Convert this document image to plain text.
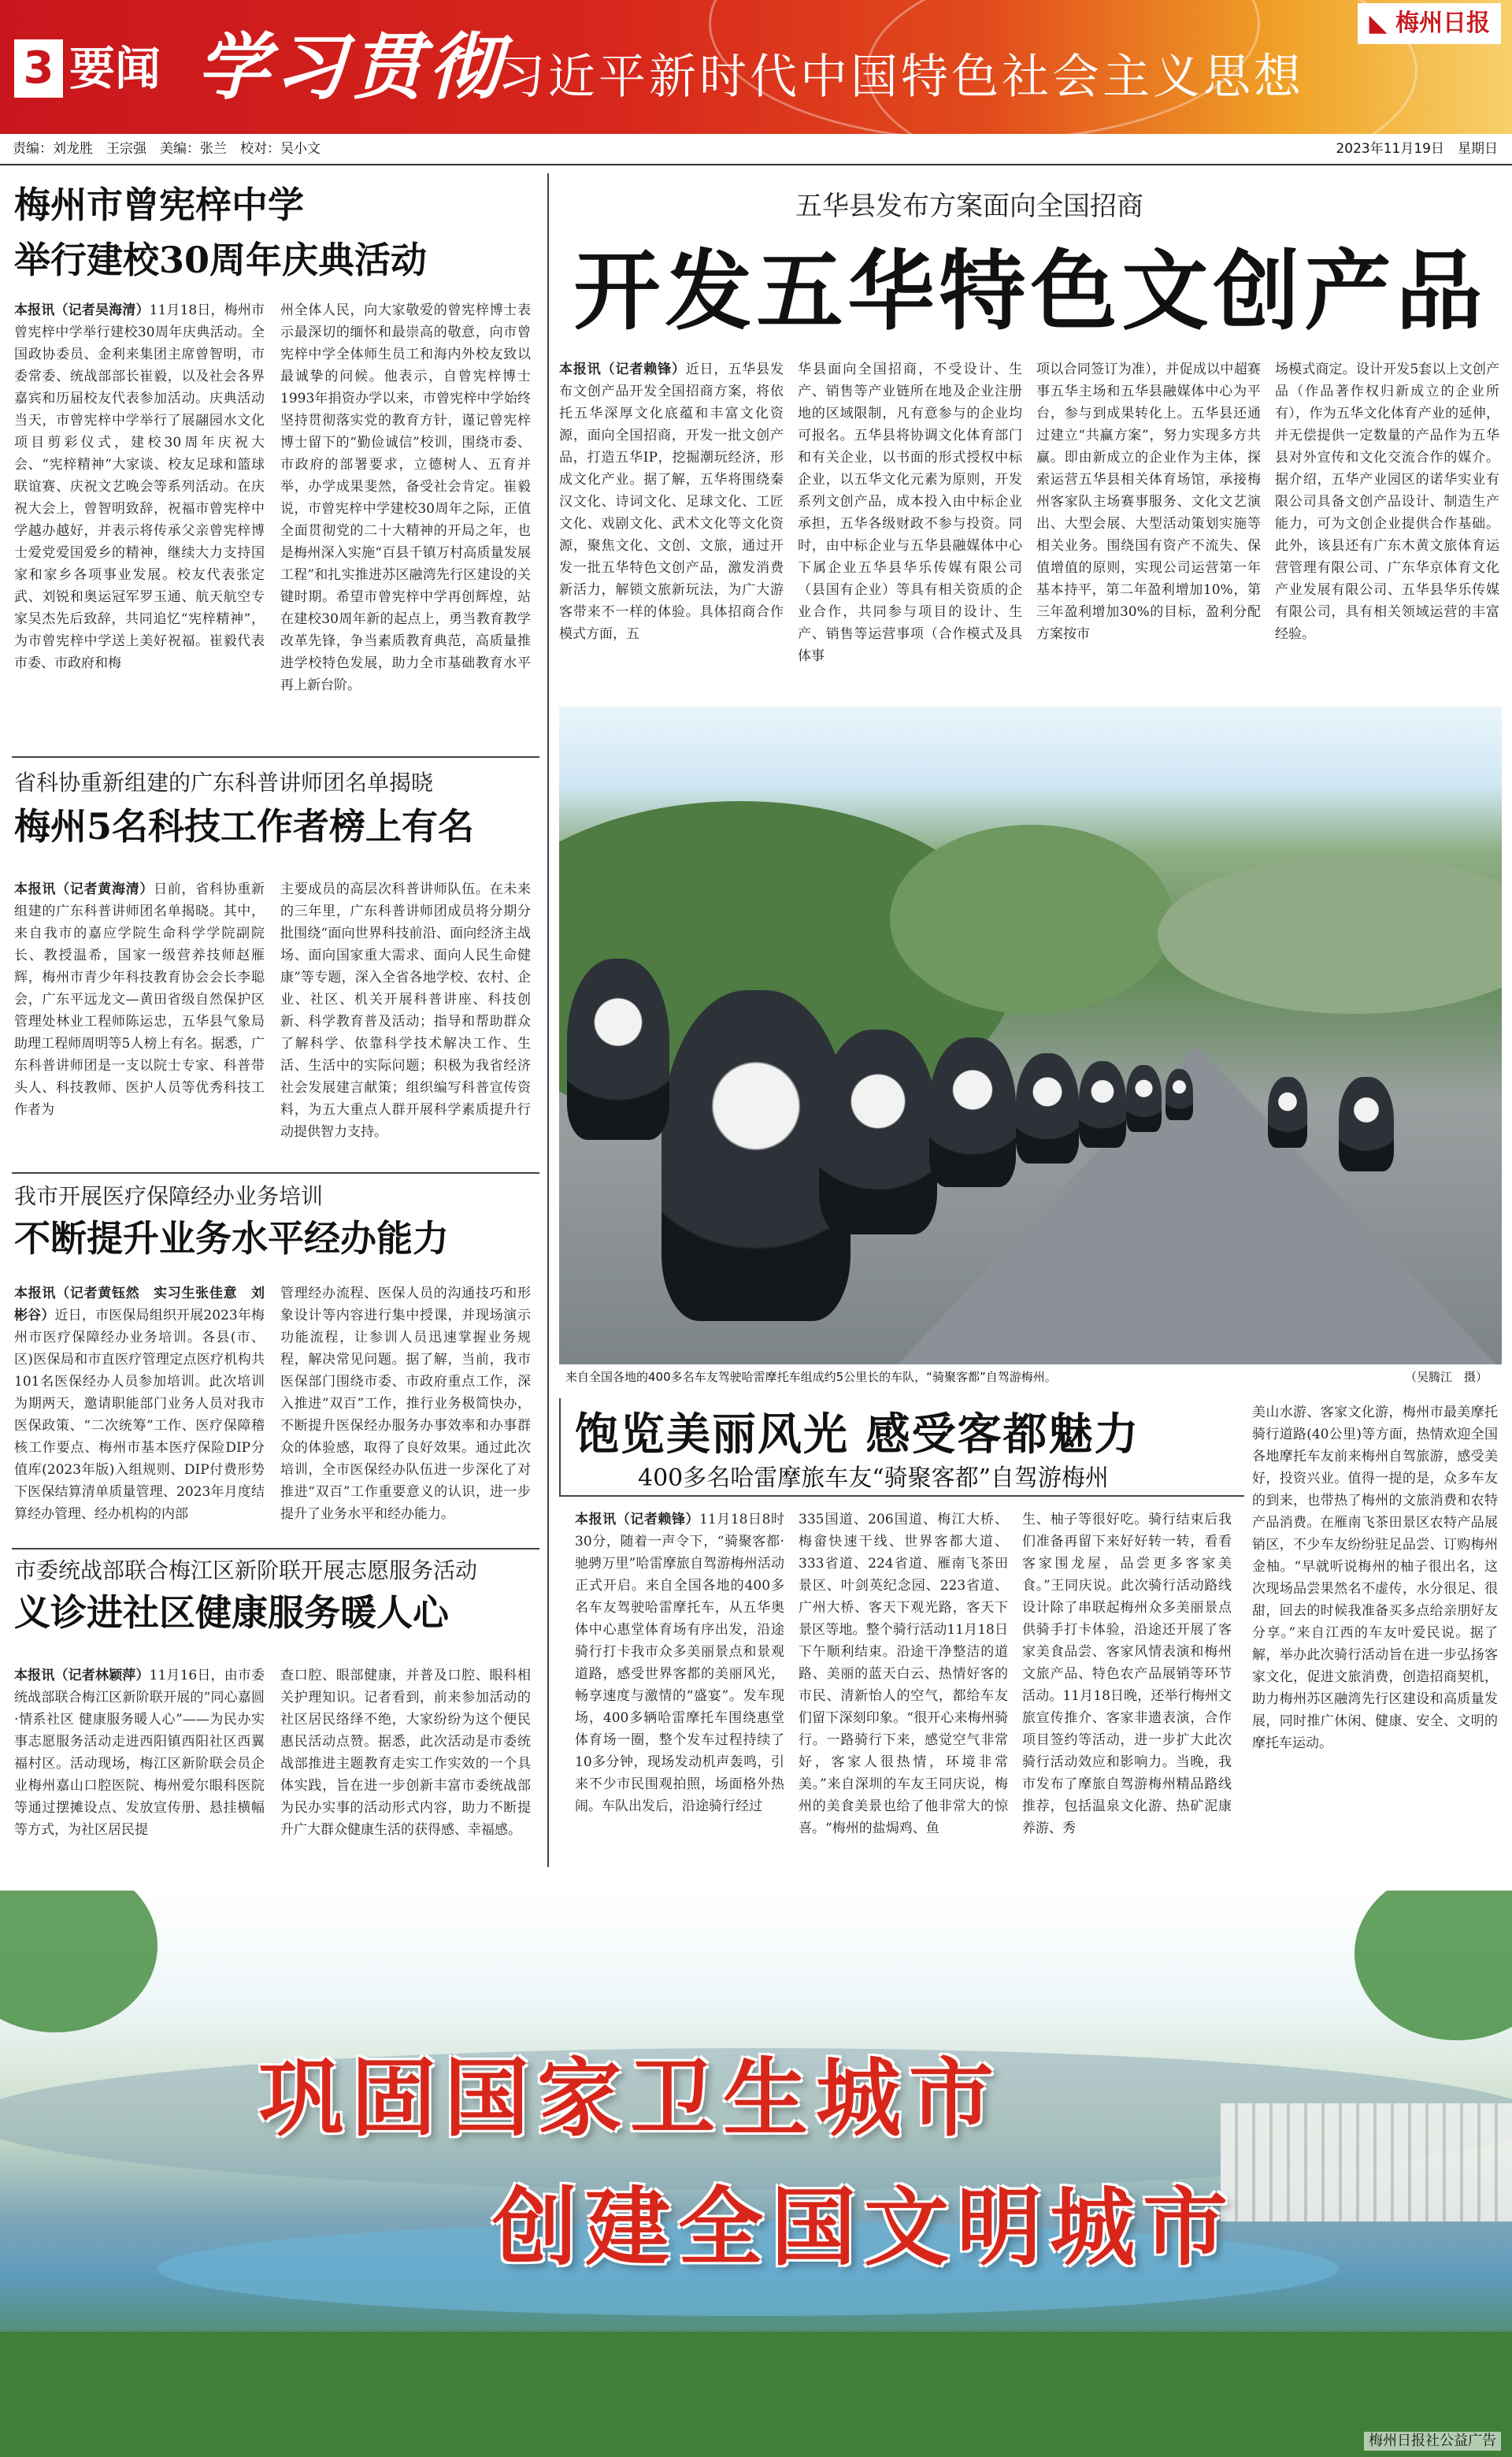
3 要闻 学习贯彻
习近平新时代中国特色社会主义思想
◣ 梅州日报
责编：刘龙胜　王宗强　美编：张兰　校对：吴小文	2023年11月19日　星期日
梅州市曾宪梓中学
举行建校30周年庆典活动
本报讯（记者吴海清）11月18日，梅州市曾宪梓中学举行建校30周年庆典活动。全国政协委员、金利来集团主席曾智明，市委常委、统战部部长崔毅，以及社会各界嘉宾和历届校友代表参加活动。庆典活动当天，市曾宪梓中学举行了展翮园水文化项目剪彩仪式，建校30周年庆祝大会、“宪梓精神”大家谈、校友足球和篮球联谊赛、庆祝文艺晚会等系列活动。在庆祝大会上，曾智明致辞，祝福市曾宪梓中学越办越好，并表示将传承父亲曾宪梓博士爱党爱国爱乡的精神，继续大力支持国家和家乡各项事业发展。校友代表张定武、刘锐和奥运冠军罗玉通、航天航空专家吴杰先后致辞，共同追忆“宪梓精神”，为市曾宪梓中学送上美好祝福。崔毅代表市委、市政府和梅
州全体人民，向大家敬爱的曾宪梓博士表示最深切的缅怀和最崇高的敬意，向市曾宪梓中学全体师生员工和海内外校友致以最诚挚的问候。他表示，自曾宪梓博士1993年捐资办学以来，市曾宪梓中学始终坚持贯彻落实党的教育方针，谨记曾宪梓博士留下的“勤俭诚信”校训，围绕市委、市政府的部署要求，立德树人、五育并举，办学成果斐然，备受社会肯定。崔毅说，市曾宪梓中学建校30周年之际，正值全面贯彻党的二十大精神的开局之年，也是梅州深入实施“百县千镇万村高质量发展工程”和扎实推进苏区融湾先行区建设的关键时期。希望市曾宪梓中学再创辉煌，站在建校30周年新的起点上，勇当教育教学改革先锋，争当素质教育典范，高质量推进学校特色发展，助力全市基础教育水平再上新台阶。
省科协重新组建的广东科普讲师团名单揭晓
梅州5名科技工作者榜上有名
本报讯（记者黄海清）日前，省科协重新组建的广东科普讲师团名单揭晓。其中，来自我市的嘉应学院生命科学学院副院长、教授温希，国家一级营养技师赵雁辉，梅州市青少年科技教育协会会长李聪会，广东平远龙文—黄田省级自然保护区管理处林业工程师陈运忠，五华县气象局助理工程师周明等5人榜上有名。据悉，广东科普讲师团是一支以院士专家、科普带头人、科技教师、医护人员等优秀科技工作者为
主要成员的高层次科普讲师队伍。在未来的三年里，广东科普讲师团成员将分期分批围绕“面向世界科技前沿、面向经济主战场、面向国家重大需求、面向人民生命健康”等专题，深入全省各地学校、农村、企业、社区、机关开展科普讲座、科技创新、科学教育普及活动；指导和帮助群众了解科学、依靠科学技术解决工作、生活、生活中的实际问题；积极为我省经济社会发展建言献策；组织编写科普宣传资料，为五大重点人群开展科学素质提升行动提供智力支持。
我市开展医疗保障经办业务培训
不断提升业务水平经办能力
本报讯（记者黄钰然　实习生张佳意　刘彬谷）近日，市医保局组织开展2023年梅州市医疗保障经办业务培训。各县(市、区)医保局和市直医疗管理定点医疗机构共101名医保经办人员参加培训。此次培训为期两天，邀请职能部门业务人员对我市医保政策、“二次统筹”工作、医疗保障稽核工作要点、梅州市基本医疗保险DIP分值库(2023年版)入组规则、DIP付费形势下医保结算清单质量管理、2023年月度结算经办管理、经办机构的内部
管理经办流程、医保人员的沟通技巧和形象设计等内容进行集中授课，并现场演示功能流程，让参训人员迅速掌握业务规程，解决常见问题。据了解，当前，我市医保部门围绕市委、市政府重点工作，深入推进“双百”工作，推行业务极简快办，不断提升医保经办服务办事效率和办事群众的体验感，取得了良好效果。通过此次培训，全市医保经办队伍进一步深化了对推进“双百”工作重要意义的认识，进一步提升了业务水平和经办能力。
市委统战部联合梅江区新阶联开展志愿服务活动
义诊进社区健康服务暖人心
本报讯（记者林颖萍）11月16日，由市委统战部联合梅江区新阶联开展的“同心嘉圆·情系社区 健康服务暖人心”——为民办实事志愿服务活动走进西阳镇西阳社区西翼福村区。活动现场，梅江区新阶联会员企业梅州嘉山口腔医院、梅州爱尔眼科医院等通过摆摊设点、发放宣传册、悬挂横幅等方式，为社区居民提
查口腔、眼部健康，并普及口腔、眼科相关护理知识。记者看到，前来参加活动的社区居民络绎不绝，大家纷纷为这个便民惠民活动点赞。据悉，此次活动是市委统战部推进主题教育走实工作实效的一个具体实践，旨在进一步创新丰富市委统战部为民办实事的活动形式内容，助力不断提升广大群众健康生活的获得感、幸福感。
五华县发布方案面向全国招商
开发五华特色文创产品
本报讯（记者赖锋）近日，五华县发布文创产品开发全国招商方案，将依托五华深厚文化底蕴和丰富文化资源，面向全国招商，开发一批文创产品，打造五华IP，挖掘潮玩经济，形成文化产业。据了解，五华将围绕秦汉文化、诗词文化、足球文化、工匠文化、戏剧文化、武术文化等文化资源，聚焦文化、文创、文旅，通过开发一批五华特色文创产品，激发消费新活力，解锁文旅新玩法，为广大游客带来不一样的体验。具体招商合作模式方面，五
华县面向全国招商，不受设计、生产、销售等产业链所在地及企业注册地的区域限制，凡有意参与的企业均可报名。五华县将协调文化体育部门和有关企业，以书面的形式授权中标企业，以五华文化元素为原则，开发系列文创产品，成本投入由中标企业承担，五华各级财政不参与投资。同时，由中标企业与五华县融媒体中心下属企业五华县华乐传媒有限公司（县国有企业）等具有相关资质的企业合作，共同参与项目的设计、生产、销售等运营事项（合作模式及具体事
项以合同签订为准），并促成以中超赛事五华主场和五华县融媒体中心为平台，参与到成果转化上。五华县还通过建立“共赢方案”，努力实现多方共赢。即由新成立的企业作为主体，探索运营五华县相关体育场馆，承接梅州客家队主场赛事服务、文化文艺演出、大型会展、大型活动策划实施等相关业务。围绕国有资产不流失、保值增值的原则，实现公司运营第一年基本持平，第二年盈利增加10%，第三年盈利增加30%的目标，盈利分配方案按市
场模式商定。设计开发5套以上文创产品（作品著作权归新成立的企业所有），作为五华文化体育产业的延伸，并无偿提供一定数量的产品作为五华县对外宣传和文化交流合作的媒介。据介绍，五华产业园区的诺华实业有限公司具备文创产品设计、制造生产能力，可为文创企业提供合作基础。此外，该县还有广东木黄文旅体育运营管理有限公司、广东华京体育文化产业发展有限公司、五华县华乐传媒有限公司，具有相关领域运营的丰富经验。
来自全国各地的400多名车友驾驶哈雷摩托车组成约5公里长的车队，“骑聚客都”自驾游梅州。	（吴腾江　摄）
饱览美丽风光 感受客都魅力
400多名哈雷摩旅车友“骑聚客都”自驾游梅州
本报讯（记者赖锋）11月18日8时30分，随着一声令下，“骑聚客都·驰骋万里”哈雷摩旅自驾游梅州活动正式开启。来自全国各地的400多名车友驾驶哈雷摩托车，从五华奥体中心惠堂体育场有序出发，沿途骑行打卡我市众多美丽景点和景观道路，感受世界客都的美丽风光，畅享速度与激情的“盛宴”。发车现场，400多辆哈雷摩托车围绕惠堂体育场一圈，整个发车过程持续了10多分钟，现场发动机声轰鸣，引来不少市民围观拍照，场面格外热闹。车队出发后，沿途骑行经过
335国道、206国道、梅江大桥、梅畲快速干线、世界客都大道、333省道、224省道、雁南飞茶田景区、叶剑英纪念园、223省道、广州大桥、客天下观光路，客天下景区等地。整个骑行活动11月18日下午顺利结束。沿途干净整洁的道路、美丽的蓝天白云、热情好客的市民、清新怡人的空气，都给车友们留下深刻印象。“很开心来梅州骑行。一路骑行下来，感觉空气非常好，客家人很热情，环境非常美。”来自深圳的车友王同庆说，梅州的美食美景也给了他非常大的惊喜。“梅州的盐焗鸡、鱼
生、柚子等很好吃。骑行结束后我们准备再留下来好好转一转，看看客家围龙屋，品尝更多客家美食。”王同庆说。此次骑行活动路线设计除了串联起梅州众多美丽景点供骑手打卡体验，沿途还开展了客家美食品尝、客家风情表演和梅州文旅产品、特色农产品展销等环节活动。11月18日晚，还举行梅州文旅宣传推介、客家非遗表演，合作项目签约等活动，进一步扩大此次骑行活动效应和影响力。当晚，我市发布了摩旅自驾游梅州精品路线推荐，包括温泉文化游、热矿泥康养游、秀
美山水游、客家文化游，梅州市最美摩托骑行道路(40公里)等方面，热情欢迎全国各地摩托车友前来梅州自驾旅游，感受美好，投资兴业。值得一提的是，众多车友的到来，也带热了梅州的文旅消费和农特产品消费。在雁南飞茶田景区农特产品展销区，不少车友纷纷驻足品尝、订购梅州金柚。“早就听说梅州的柚子很出名，这次现场品尝果然名不虚传，水分很足、很甜，回去的时候我准备买多点给亲朋好友分享。”来自江西的车友叶爱民说。据了解，举办此次骑行活动旨在进一步弘扬客家文化，促进文旅消费，创造招商契机，助力梅州苏区融湾先行区建设和高质量发展，同时推广休闲、健康、安全、文明的摩托车运动。
巩固国家卫生城市
创建全国文明城市
梅州日报社公益广告
